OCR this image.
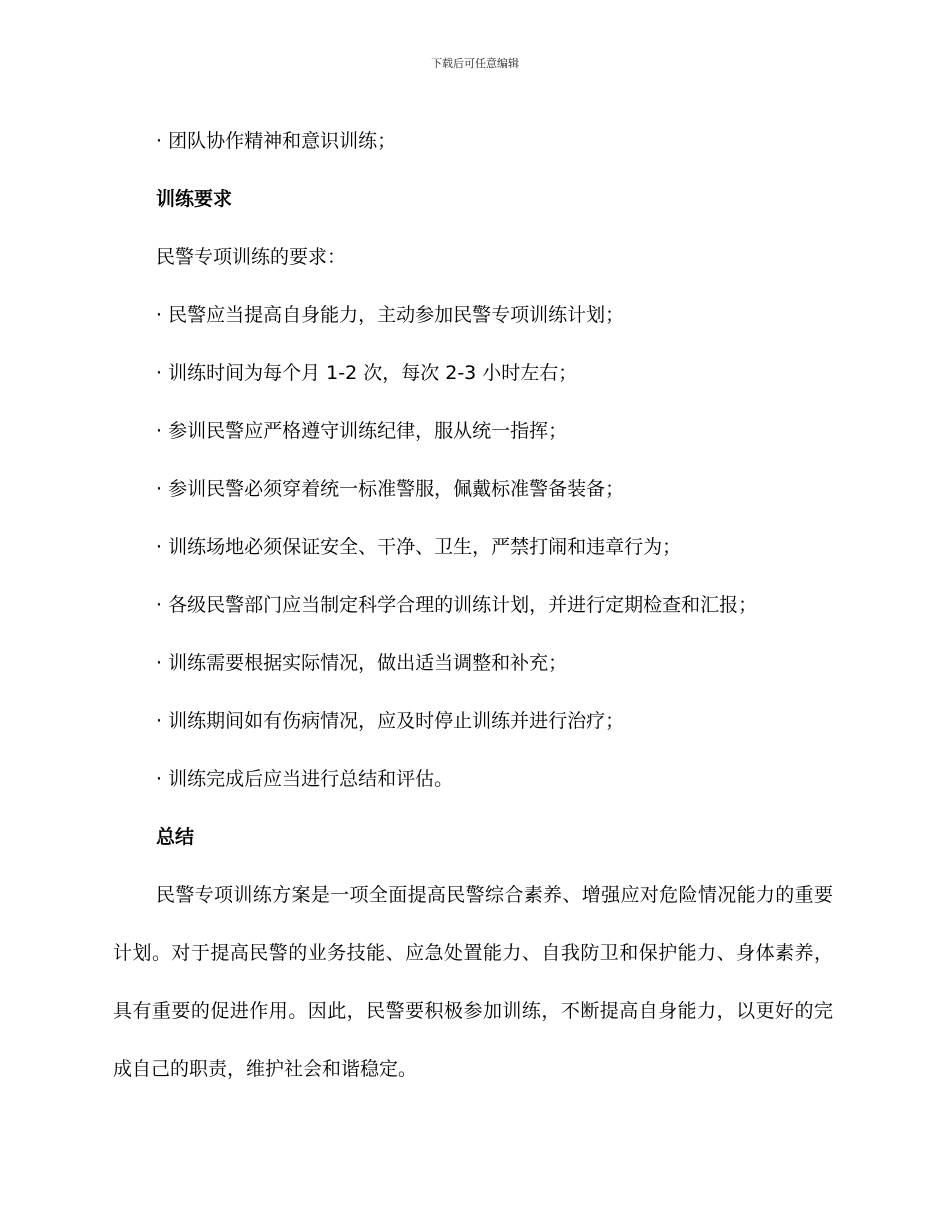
下载后可任意编辑

· 团队协作精神和意识训练；

训练要求

民警专项训练的要求：

· 民警应当提高自身能力，主动参加民警专项训练计划；

· 训练时间为每个月 1-2 次，每次 2-3 小时左右；

· 参训民警应严格遵守训练纪律，服从统一指挥；

· 参训民警必须穿着统一标准警服，佩戴标准警备装备；

· 训练场地必须保证安全、干净、卫生，严禁打闹和违章行为；

· 各级民警部门应当制定科学合理的训练计划，并进行定期检查和汇报；

· 训练需要根据实际情况，做出适当调整和补充；

· 训练期间如有伤病情况，应及时停止训练并进行治疗；

· 训练完成后应当进行总结和评估。

总结

民警专项训练方案是一项全面提高民警综合素养、增强应对危险情况能力的重要计划。对于提高民警的业务技能、应急处置能力、自我防卫和保护能力、身体素养，具有重要的促进作用。因此，民警要积极参加训练，不断提高自身能力，以更好的完成自己的职责，维护社会和谐稳定。
